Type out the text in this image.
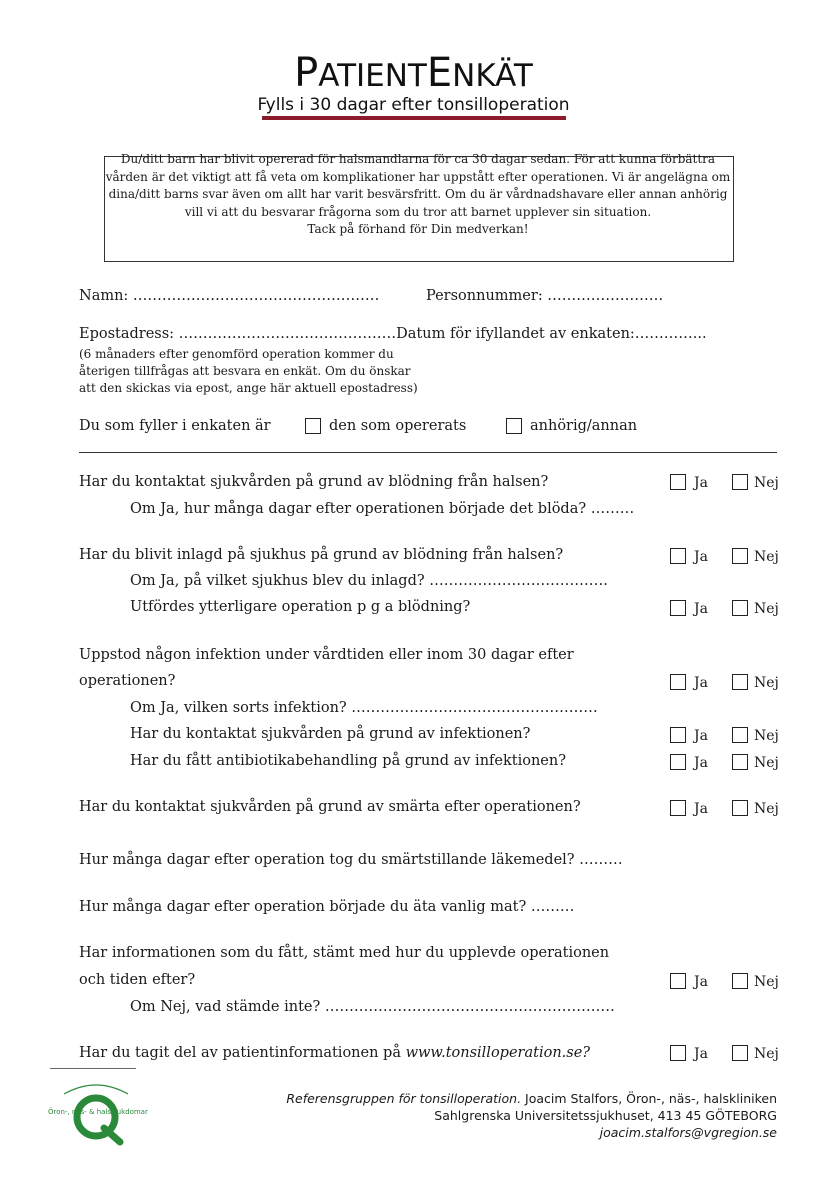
PATIENTENKÄT
Fylls i 30 dagar efter tonsilloperation
Du/ditt barn har blivit opererad för halsmandlarna för ca 30 dagar sedan. För att kunna förbättra vården är det viktigt att få veta om komplikationer har uppstått efter operationen. Vi är angelägna om dina/ditt barns svar även om allt har varit besvärsfritt. Om du är vårdnadshavare eller annan anhörig vill vi att du besvarar frågorna som du tror att barnet upplever sin situation.
Tack på förhand för Din medverkan!
Namn: ……………………………………………	Personnummer: ……………………
Epostadress: ………………………………………Datum för ifyllandet av enkaten:…………...
(6 månaders efter genomförd operation kommer du återigen tillfrågas att besvara en enkät. Om du önskar att den skickas via epost, ange här aktuell epostadress)
Du som fyller i enkaten är	den som opererats	anhörig/annan
Har du kontaktat sjukvården på grund av blödning från halsen?	Ja	Nej
Om Ja, hur många dagar efter operationen började det blöda? ………
Har du blivit inlagd på sjukhus på grund av blödning från halsen?	Ja	Nej
Om Ja, på vilket sjukhus blev du inlagd? ……………………………….
Utfördes ytterligare operation p g a blödning?	Ja	Nej
Uppstod någon infektion under vårdtiden eller inom 30 dagar efter
operationen?	Ja	Nej
Om Ja, vilken sorts infektion? ……………………………………………
Har du kontaktat sjukvården på grund av infektionen?	Ja	Nej
Har du fått antibiotikabehandling på grund av infektionen?	Ja	Nej
Har du kontaktat sjukvården på grund av smärta efter operationen?	Ja	Nej
Hur många dagar efter operation tog du smärtstillande läkemedel? ………
Hur många dagar efter operation började du äta vanlig mat? ………
Har informationen som du fått, stämt med hur du upplevde operationen
och tiden efter?	Ja	Nej
Om Nej, vad stämde inte? ……………………………………………………
Har du tagit del av patientinformationen på www.tonsilloperation.se?	Ja	Nej
Öron-, näs- & halssjukdomar
Referensgruppen för tonsilloperation. Joacim Stalfors, Öron-, näs-, halskliniken
Sahlgrenska Universitetssjukhuset, 413 45 GÖTEBORG
joacim.stalfors@vgregion.se
